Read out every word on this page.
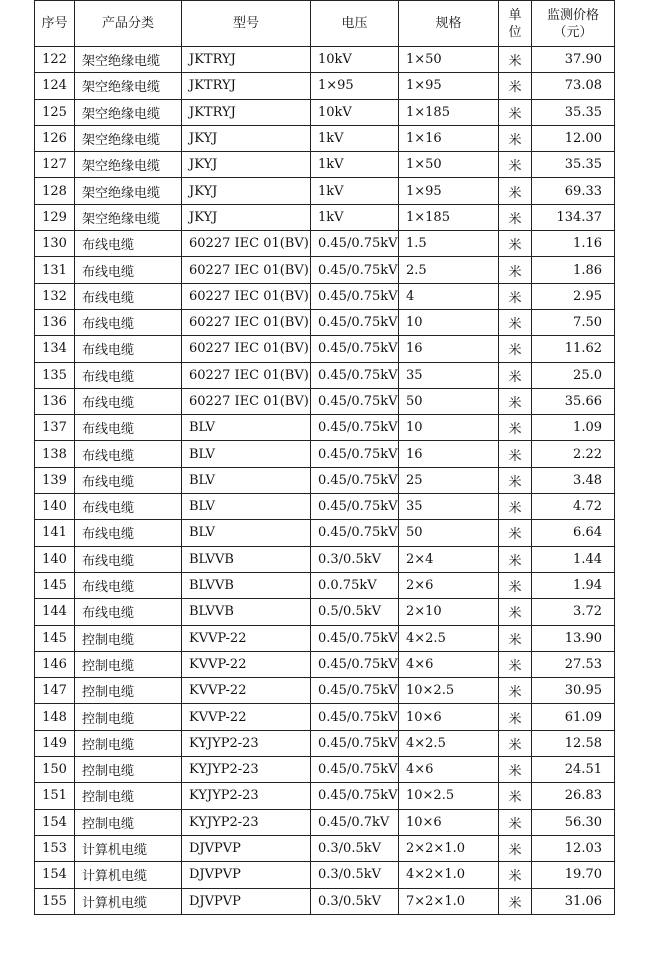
序号	产品分类	型号	电压	规格	单位	监测价格（元）
122	架空绝缘电缆	JKTRYJ	10kV	1×50	米	37.90
124	架空绝缘电缆	JKTRYJ	1×95	1×95	米	73.08
125	架空绝缘电缆	JKTRYJ	10kV	1×185	米	35.35
126	架空绝缘电缆	JKYJ	1kV	1×16	米	12.00
127	架空绝缘电缆	JKYJ	1kV	1×50	米	35.35
128	架空绝缘电缆	JKYJ	1kV	1×95	米	69.33
129	架空绝缘电缆	JKYJ	1kV	1×185	米	134.37
130	布线电缆	60227 IEC 01(BV)	0.45/0.75kV	1.5	米	1.16
131	布线电缆	60227 IEC 01(BV)	0.45/0.75kV	2.5	米	1.86
132	布线电缆	60227 IEC 01(BV)	0.45/0.75kV	4	米	2.95
136	布线电缆	60227 IEC 01(BV)	0.45/0.75kV	10	米	7.50
134	布线电缆	60227 IEC 01(BV)	0.45/0.75kV	16	米	11.62
135	布线电缆	60227 IEC 01(BV)	0.45/0.75kV	35	米	25.0
136	布线电缆	60227 IEC 01(BV)	0.45/0.75kV	50	米	35.66
137	布线电缆	BLV	0.45/0.75kV	10	米	1.09
138	布线电缆	BLV	0.45/0.75kV	16	米	2.22
139	布线电缆	BLV	0.45/0.75kV	25	米	3.48
140	布线电缆	BLV	0.45/0.75kV	35	米	4.72
141	布线电缆	BLV	0.45/0.75kV	50	米	6.64
140	布线电缆	BLVVB	0.3/0.5kV	2×4	米	1.44
145	布线电缆	BLVVB	0.0.75kV	2×6	米	1.94
144	布线电缆	BLVVB	0.5/0.5kV	2×10	米	3.72
145	控制电缆	KVVP-22	0.45/0.75kV	4×2.5	米	13.90
146	控制电缆	KVVP-22	0.45/0.75kV	4×6	米	27.53
147	控制电缆	KVVP-22	0.45/0.75kV	10×2.5	米	30.95
148	控制电缆	KVVP-22	0.45/0.75kV	10×6	米	61.09
149	控制电缆	KYJYP2-23	0.45/0.75kV	4×2.5	米	12.58
150	控制电缆	KYJYP2-23	0.45/0.75kV	4×6	米	24.51
151	控制电缆	KYJYP2-23	0.45/0.75kV	10×2.5	米	26.83
154	控制电缆	KYJYP2-23	0.45/0.7kV	10×6	米	56.30
153	计算机电缆	DJVPVP	0.3/0.5kV	2×2×1.0	米	12.03
154	计算机电缆	DJVPVP	0.3/0.5kV	4×2×1.0	米	19.70
155	计算机电缆	DJVPVP	0.3/0.5kV	7×2×1.0	米	31.06
